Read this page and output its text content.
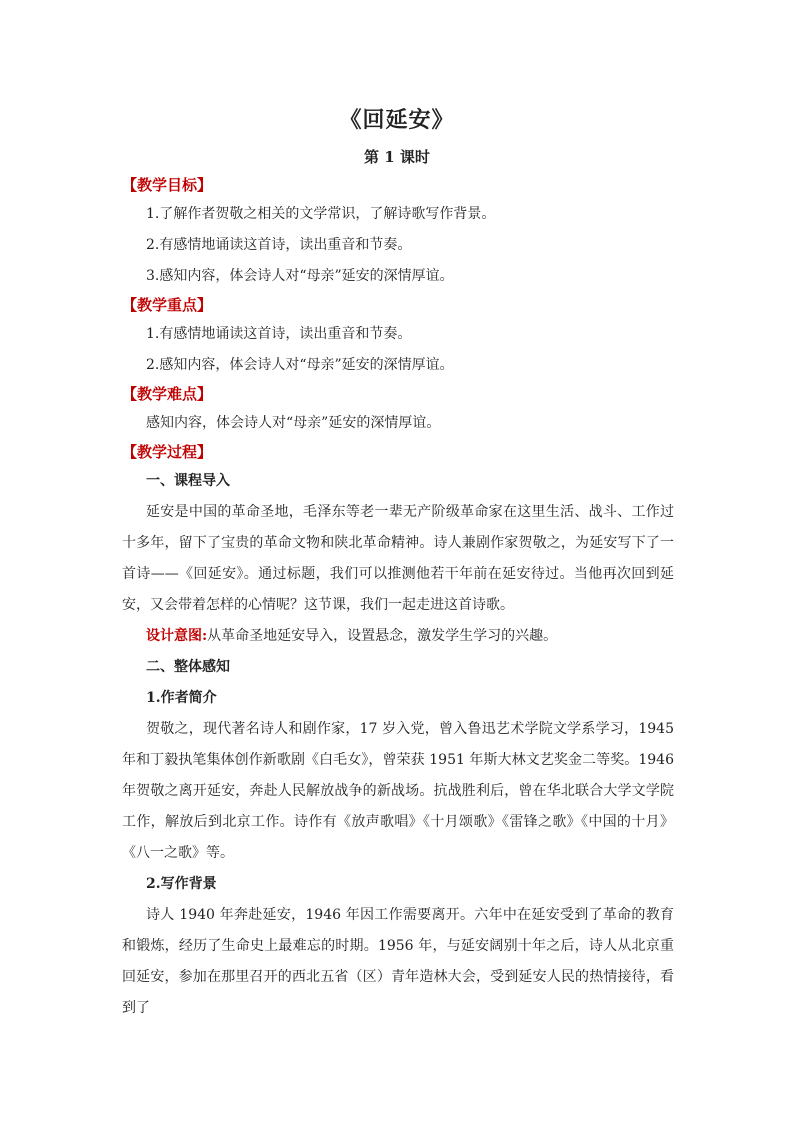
《回延安》
第 1 课时
【教学目标】
1.了解作者贺敬之相关的文学常识，了解诗歌写作背景。
2.有感情地诵读这首诗，读出重音和节奏。
3.感知内容，体会诗人对“母亲”延安的深情厚谊。
【教学重点】
1.有感情地诵读这首诗，读出重音和节奏。
2.感知内容，体会诗人对“母亲”延安的深情厚谊。
【教学难点】
感知内容，体会诗人对“母亲”延安的深情厚谊。
【教学过程】
一、课程导入

延安是中国的革命圣地，毛泽东等老一辈无产阶级革命家在这里生活、战斗、工作过十多年，留下了宝贵的革命文物和陕北革命精神。诗人兼剧作家贺敬之，为延安写下了一首诗——《回延安》。通过标题，我们可以推测他若干年前在延安待过。当他再次回到延安，又会带着怎样的心情呢？这节课，我们一起走进这首诗歌。

设计意图:从革命圣地延安导入，设置悬念，激发学生学习的兴趣。

二、整体感知
1.作者简介

贺敬之，现代著名诗人和剧作家，17 岁入党，曾入鲁迅艺术学院文学系学习，1945 年和丁毅执笔集体创作新歌剧《白毛女》，曾荣获 1951 年斯大林文艺奖金二等奖。1946 年贺敬之离开延安，奔赴人民解放战争的新战场。抗战胜利后，曾在华北联合大学文学院工作，解放后到北京工作。诗作有《放声歌唱》《十月颂歌》《雷锋之歌》《中国的十月》《八一之歌》等。

2.写作背景

诗人 1940 年奔赴延安，1946 年因工作需要离开。六年中在延安受到了革命的教育和锻炼，经历了生命史上最难忘的时期。1956 年，与延安阔别十年之后，诗人从北京重回延安，参加在那里召开的西北五省（区）青年造林大会，受到延安人民的热情接待，看到了
